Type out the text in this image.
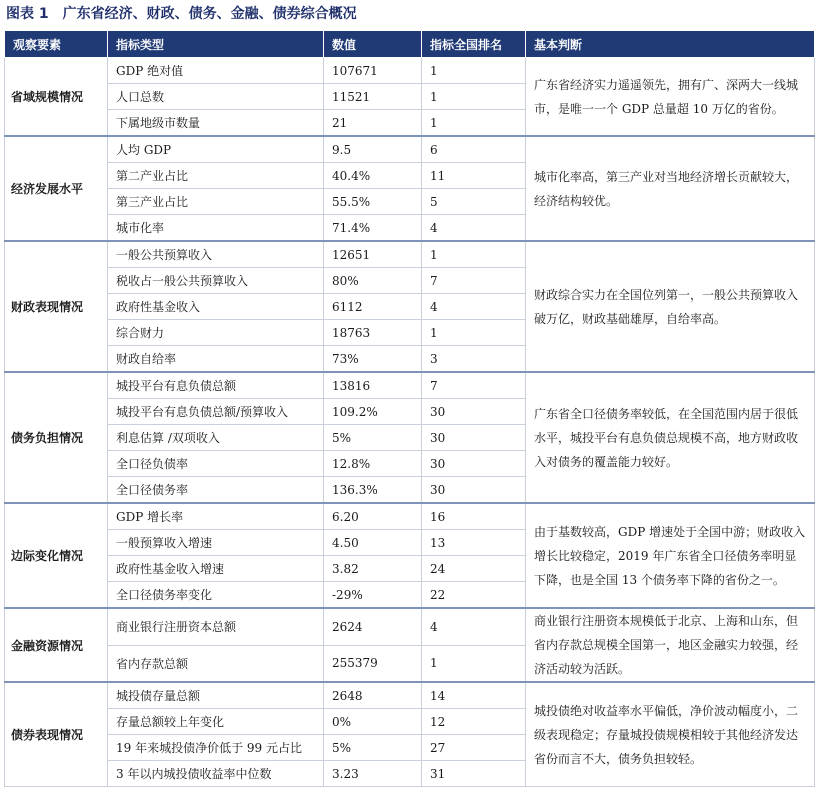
图表 1　广东省经济、财政、债务、金融、债券综合概况
观察要素	指标类型	数值	指标全国排名	基本判断
省域规模情况	GDP 绝对值	107671	1	广东省经济实力遥遥领先，拥有广、深两大一线城市，是唯一一个 GDP 总量超 10 万亿的省份。
	人口总数	11521	1	
	下属地级市数量	21	1	
经济发展水平	人均 GDP	9.5	6	城市化率高，第三产业对当地经济增长贡献较大，经济结构较优。
	第二产业占比	40.4%	11	
	第三产业占比	55.5%	5	
	城市化率	71.4%	4	
财政表现情况	一般公共预算收入	12651	1	财政综合实力在全国位列第一，一般公共预算收入破万亿，财政基础雄厚，自给率高。
	税收占一般公共预算收入	80%	7	
	政府性基金收入	6112	4	
	综合财力	18763	1	
	财政自给率	73%	3	
债务负担情况	城投平台有息负债总额	13816	7	广东省全口径债务率较低，在全国范围内居于很低水平，城投平台有息负债总规模不高，地方财政收入对债务的覆盖能力较好。
	城投平台有息负债总额/预算收入	109.2%	30	
	利息估算 /双项收入	5%	30	
	全口径负债率	12.8%	30	
	全口径债务率	136.3%	30	
边际变化情况	GDP 增长率	6.20	16	由于基数较高，GDP 增速处于全国中游；财政收入增长比较稳定，2019 年广东省全口径债务率明显下降，也是全国 13 个债务率下降的省份之一。
	一般预算收入增速	4.50	13	
	政府性基金收入增速	3.82	24	
	全口径债务率变化	-29%	22	
金融资源情况	商业银行注册资本总额	2624	4	商业银行注册资本规模低于北京、上海和山东，但省内存款总规模全国第一，地区金融实力较强，经济活动较为活跃。
	省内存款总额	255379	1	
债券表现情况	城投债存量总额	2648	14	城投债绝对收益率水平偏低，净价波动幅度小，二级表现稳定；存量城投债规模相较于其他经济发达省份而言不大，债务负担较轻。
	存量总额较上年变化	0%	12	
	19 年来城投债净价低于 99 元占比	5%	27	
	3 年以内城投债收益率中位数	3.23	31	
